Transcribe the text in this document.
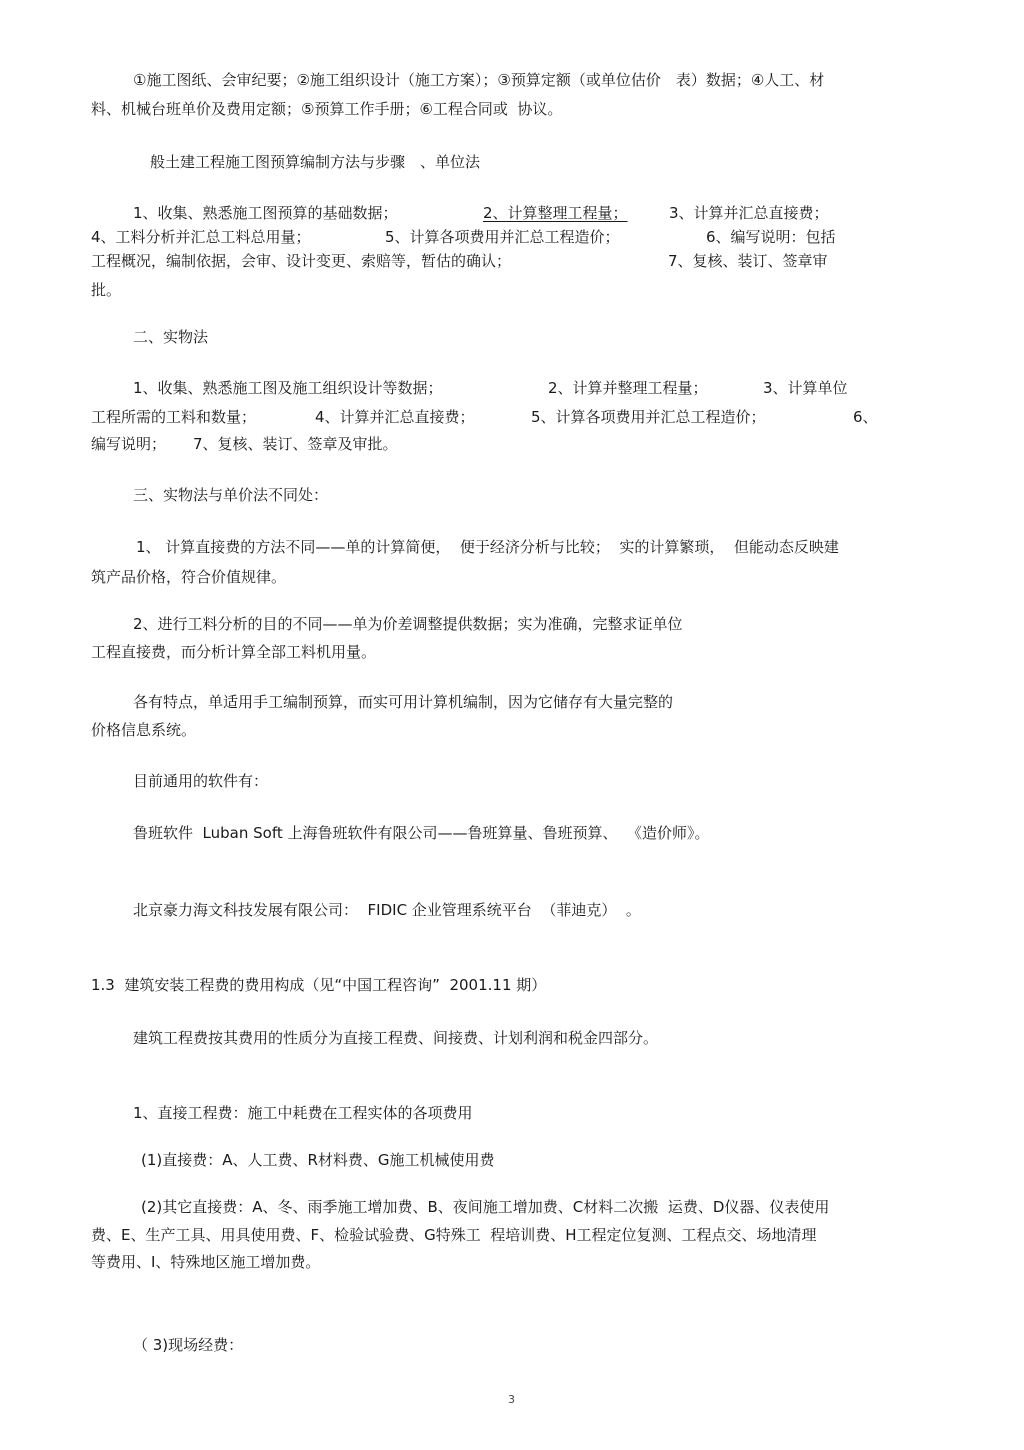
①施工图纸、会审纪要；②施工组织设计（施工方案）；③预算定额（或单位估价　表）数据；④人工、材
料、机械台班单价及费用定额；⑤预算工作手册；⑥工程合同或  协议。
般土建工程施工图预算编制方法与步骤　、单位法
1、收集、熟悉施工图预算的基础数据；	2、计算整理工程量；	3、计算并汇总直接费；
4、工料分析并汇总工料总用量；	5、计算各项费用并汇总工程造价；	6、编写说明：包括
工程概况，编制依据，会审、设计变更、索赔等，暂估的确认；	7、复核、装订、签章审
批。
二、实物法
1、收集、熟悉施工图及施工组织设计等数据；	2、计算并整理工程量；	3、计算单位
工程所需的工料和数量；	4、计算并汇总直接费；	5、计算各项费用并汇总工程造价；	6、
编写说明； 7、复核、装订、签章及审批。
三、实物法与单价法不同处：
1、 计算直接费的方法不同——单的计算简便，  便于经济分析与比较；  实的计算繁琐，  但能动态反映建
筑产品价格，符合价值规律。
2、进行工料分析的目的不同——单为价差调整提供数据；实为准确，完整求证单位
工程直接费，而分析计算全部工料机用量。
各有特点，单适用手工编制预算，而实可用计算机编制，因为它储存有大量完整的
价格信息系统。
目前通用的软件有：
鲁班软件  Luban Soft 上海鲁班软件有限公司——鲁班算量、鲁班预算、  《造价师》。
北京豪力海文科技发展有限公司：  FIDIC 企业管理系统平台  （菲迪克）  。
1.3  建筑安装工程费的费用构成（见“中国工程咨询”  2001.11 期）
建筑工程费按其费用的性质分为直接工程费、间接费、计划利润和税金四部分。
1、直接工程费：施工中耗费在工程实体的各项费用
(1)直接费：A、人工费、R材料费、G施工机械使用费
(2)其它直接费：A、冬、雨季施工增加费、B、夜间施工增加费、C材料二次搬  运费、D仪器、仪表使用
费、E、生产工具、用具使用费、F、检验试验费、G特殊工  程培训费、H工程定位复测、工程点交、场地清理
等费用、I、特殊地区施工增加费。
（ 3)现场经费：
3
